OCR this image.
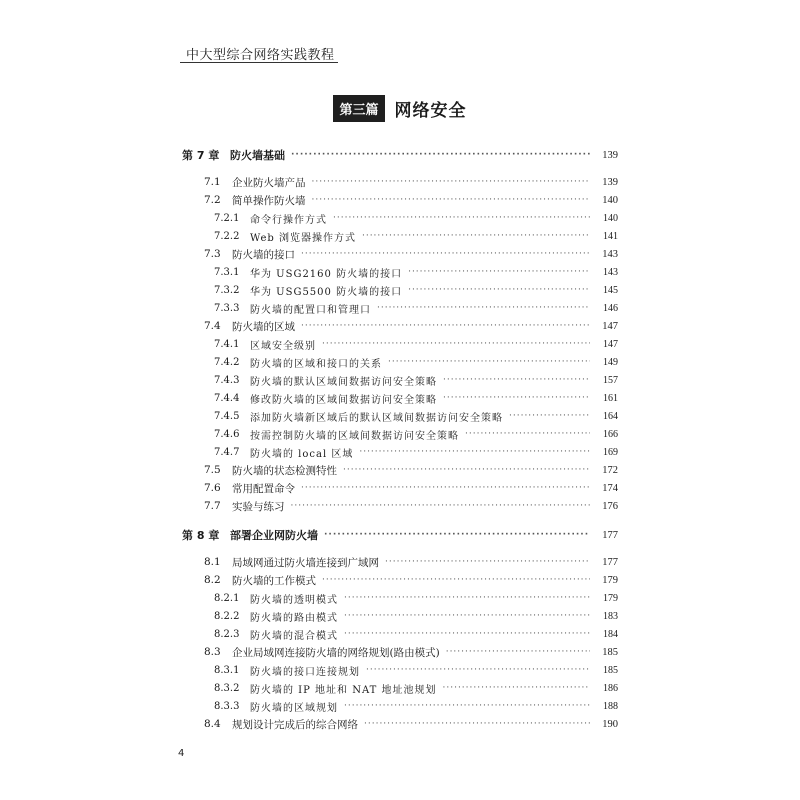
中大型综合网络实践教程
第三篇 网络安全
第 7 章 防火墙基础 ·····	139
7.1	企业防火墙产品 ·····	139
7.2	简单操作防火墙 ·····	140
7.2.1	命令行操作方式 ·····	140
7.2.2	Web 浏览器操作方式 ·····	141
7.3	防火墙的接口 ·····	143
7.3.1	华为 USG2160 防火墙的接口 ·····	143
7.3.2	华为 USG5500 防火墙的接口 ·····	145
7.3.3	防火墙的配置口和管理口 ·····	146
7.4	防火墙的区域 ·····	147
7.4.1	区域安全级别 ·····	147
7.4.2	防火墙的区域和接口的关系 ·····	149
7.4.3	防火墙的默认区域间数据访问安全策略 ·····	157
7.4.4	修改防火墙的区域间数据访问安全策略 ·····	161
7.4.5	添加防火墙新区域后的默认区域间数据访问安全策略 ·····	164
7.4.6	按需控制防火墙的区域间数据访问安全策略 ·····	166
7.4.7	防火墙的 local 区域 ·····	169
7.5	防火墙的状态检测特性 ·····	172
7.6	常用配置命令 ·····	174
7.7	实验与练习 ·····	176
第 8 章 部署企业网防火墙 ·····	177
8.1	局域网通过防火墙连接到广域网 ·····	177
8.2	防火墙的工作模式 ·····	179
8.2.1	防火墙的透明模式 ·····	179
8.2.2	防火墙的路由模式 ·····	183
8.2.3	防火墙的混合模式 ·····	184
8.3	企业局域网连接防火墙的网络规划(路由模式) ·····	185
8.3.1	防火墙的接口连接规划 ·····	185
8.3.2	防火墙的 IP 地址和 NAT 地址池规划 ·····	186
8.3.3	防火墙的区域规划 ·····	188
8.4	规划设计完成后的综合网络 ·····	190
4
